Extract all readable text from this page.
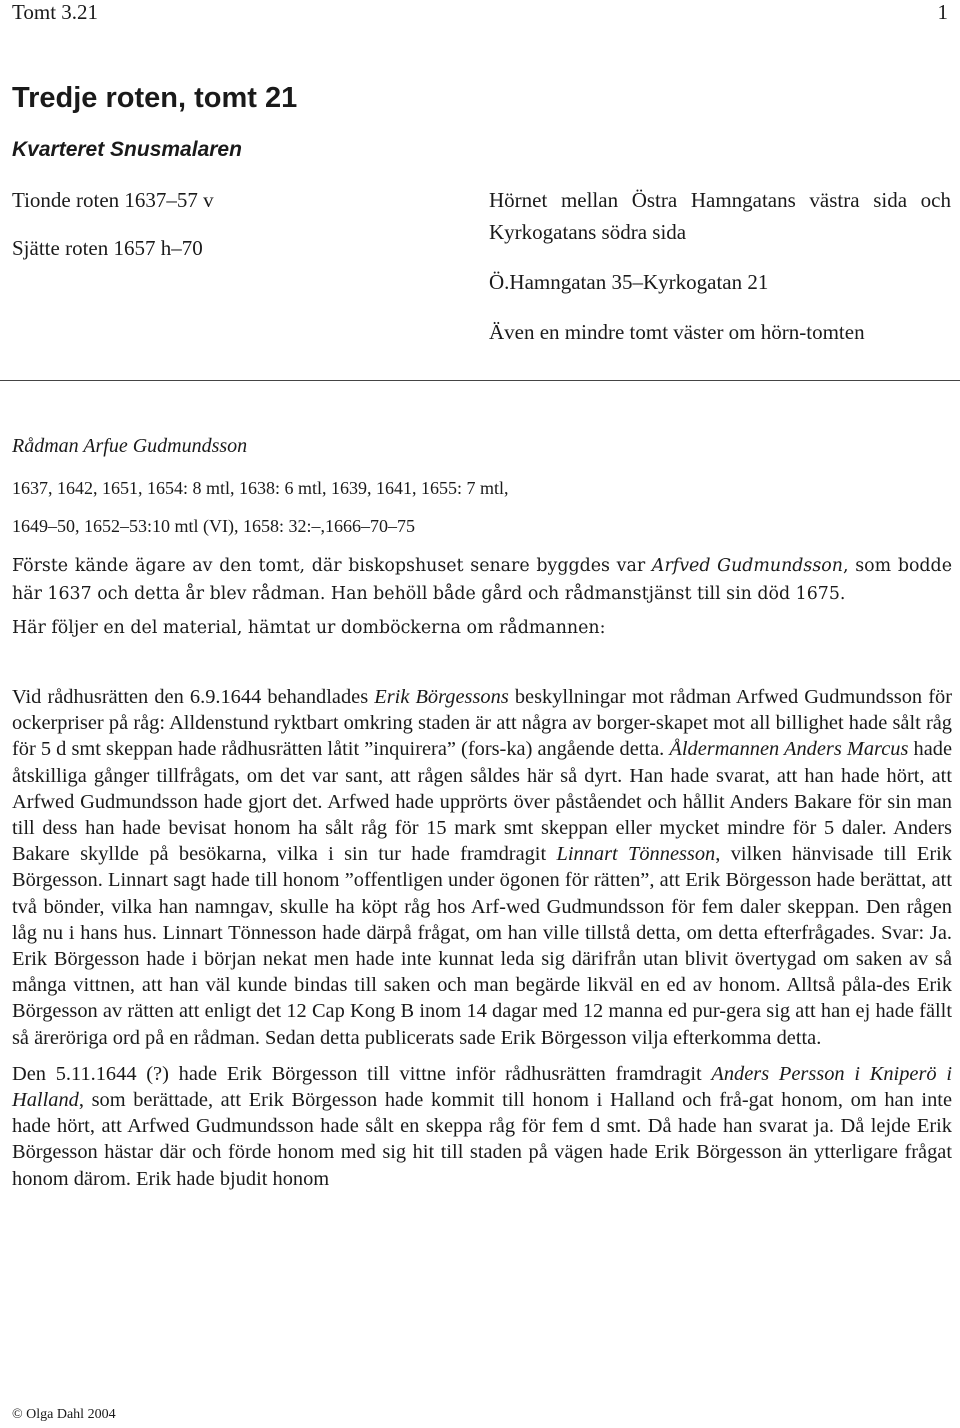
Tomt 3.21	1
Tredje roten, tomt 21
Kvarteret Snusmalaren
Tionde roten 1637–57 v
Sjätte roten 1657 h–70

Hörnet mellan Östra Hamngatans västra sida och Kyrkogatans södra sida

Ö.Hamngatan 35–Kyrkogatan 21

Även en mindre tomt väster om hörn-tomten

Rådman Arfue Gudmundsson
1637, 1642, 1651, 1654: 8 mtl, 1638: 6 mtl, 1639, 1641, 1655: 7 mtl,
1649–50, 1652–53:10 mtl (VI), 1658: 32:–,1666–70–75

Förste kände ägare av den tomt, där biskopshuset senare byggdes var Arfved Gudmundsson, som bodde här 1637 och detta år blev rådman. Han behöll både gård och rådmanstjänst till sin död 1675.

Här följer en del material, hämtat ur domböckerna om rådmannen:

Vid rådhusrätten den 6.9.1644 behandlades Erik Börgessons beskyllningar mot rådman Arfwed Gudmundsson för ockerpriser på råg: Alldenstund ryktbart omkring staden är att några av borger-skapet mot all billighet hade sålt råg för 5 d smt skeppan hade rådhusrätten låtit ”inquirera” (fors-ka) angående detta. Åldermannen Anders Marcus hade åtskilliga gånger tillfrågats, om det var sant, att rågen såldes här så dyrt. Han hade svarat, att han hade hört, att Arfwed Gudmundsson hade gjort det. Arfwed hade upprörts över påståendet och hållit Anders Bakare för sin man till dess han hade bevisat honom ha sålt råg för 15 mark smt skeppan eller mycket mindre för 5 daler. Anders Bakare skyllde på besökarna, vilka i sin tur hade framdragit Linnart Tönnesson, vilken hänvisade till Erik Börgesson. Linnart sagt hade till honom ”offentligen under ögonen för rätten”, att Erik Börgesson hade berättat, att två bönder, vilka han namngav, skulle ha köpt råg hos Arf-wed Gudmundsson för fem daler skeppan. Den rågen låg nu i hans hus. Linnart Tönnesson hade därpå frågat, om han ville tillstå detta, om detta efterfrågades. Svar: Ja. Erik Börgesson hade i början nekat men hade inte kunnat leda sig därifrån utan blivit övertygad om saken av så många vittnen, att han väl kunde bindas till saken och man begärde likväl en ed av honom. Alltså påla-des Erik Börgesson av rätten att enligt det 12 Cap Kong B inom 14 dagar med 12 manna ed pur-gera sig att han ej hade fällt så äreröriga ord på en rådman. Sedan detta publicerats sade Erik Börgesson vilja efterkomma detta.

Den 5.11.1644 (?) hade Erik Börgesson till vittne inför rådhusrätten framdragit Anders Persson i Kniperö i Halland, som berättade, att Erik Börgesson hade kommit till honom i Halland och frå-gat honom, om han inte hade hört, att Arfwed Gudmundsson hade sålt en skeppa råg för fem d smt. Då hade han svarat ja. Då lejde Erik Börgesson hästar där och förde honom med sig hit till staden på vägen hade Erik Börgesson än ytterligare frågat honom därom. Erik hade bjudit honom

© Olga Dahl 2004
